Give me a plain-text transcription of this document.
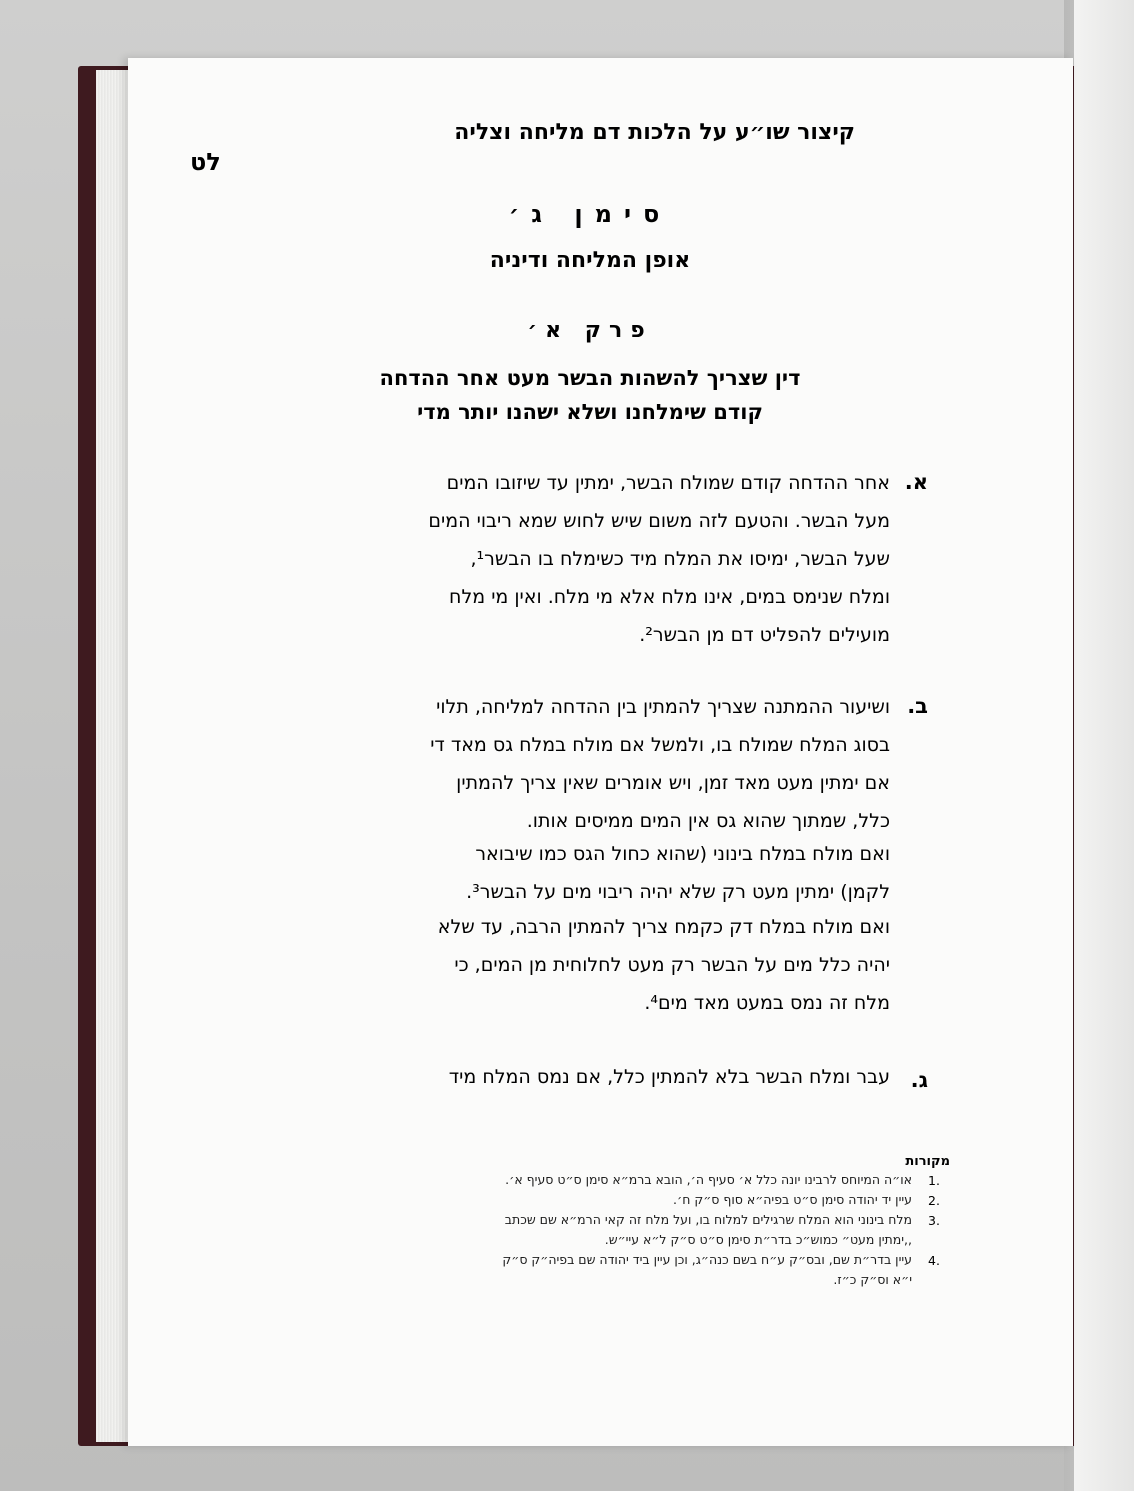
קיצור שו״ע על הלכות דם מליחה וצליה
לט
סימן ג׳
אופן המליחה ודיניה
פרק א׳
דין שצריך להשהות הבשר מעט אחר ההדחה
קודם שימלחנו ושלא ישהנו יותר מדי
א.
אחר ההדחה קודם שמולח הבשר, ימתין עד שיזובו המים
מעל הבשר. והטעם לזה משום שיש לחוש שמא ריבוי המים
שעל הבשר, ימיסו את המלח מיד כשימלח בו הבשר¹,
ומלח שנימס במים, אינו מלח אלא מי מלח. ואין מי מלח
מועילים להפליט דם מן הבשר².
ב.
ושיעור ההמתנה שצריך להמתין בין ההדחה למליחה, תלוי
בסוג המלח שמולח בו, ולמשל אם מולח במלח גס מאד די
אם ימתין מעט מאד זמן, ויש אומרים שאין צריך להמתין
כלל, שמתוך שהוא גס אין המים ממיסים אותו.
ואם מולח במלח בינוני (שהוא כחול הגס כמו שיבואר
לקמן) ימתין מעט רק שלא יהיה ריבוי מים על הבשר³.
ואם מולח במלח דק כקמח צריך להמתין הרבה, עד שלא
יהיה כלל מים על הבשר רק מעט לחלוחית מן המים, כי
מלח זה נמס במעט מאד מים⁴.
ג.
עבר ומלח הבשר בלא להמתין כלל, אם נמס המלח מיד
מקורות
1.
או״ה המיוחס לרבינו יונה כלל א׳ סעיף ה׳, הובא ברמ״א סימן ס״ט סעיף א׳.
2.
עיין יד יהודה סימן ס״ט בפיה״א סוף ס״ק ח׳.
3.
מלח בינוני הוא המלח שרגילים למלוח בו, ועל מלח זה קאי הרמ״א שם שכתב
,,ימתין מעט״ כמוש״כ בדר״ת סימן ס״ט ס״ק ל״א עיי״ש.
4.
עיין בדר״ת שם, ובס״ק ע״ח בשם כנה״ג, וכן עיין ביד יהודה שם בפיה״ק ס״ק
י״א וס״ק כ״ז.
